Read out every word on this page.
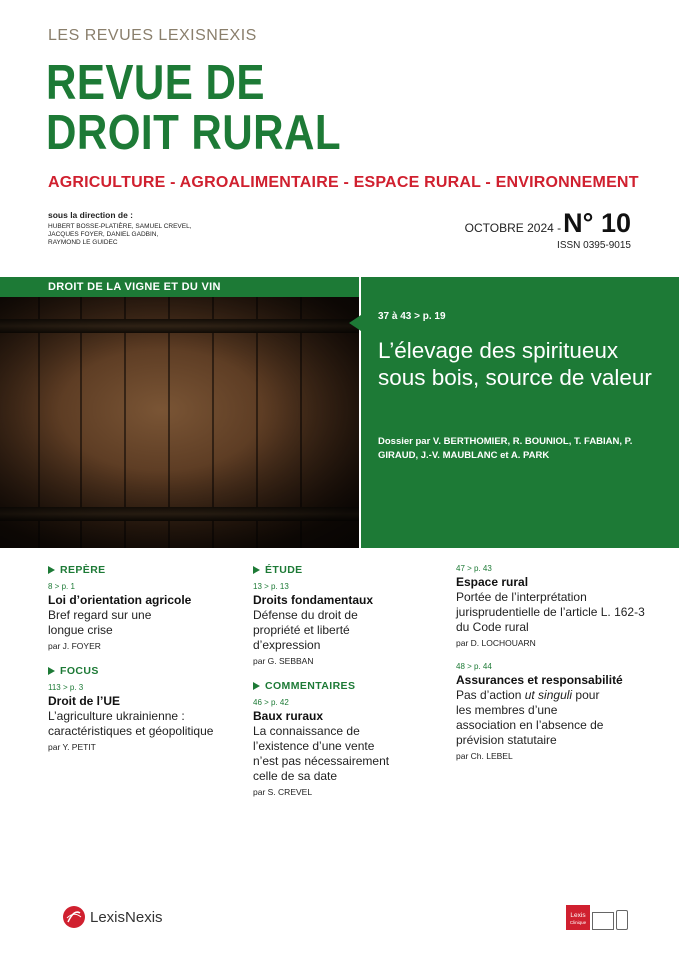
LES REVUES LEXISNEXIS
REVUE DE
DROIT RURAL
AGRICULTURE - AGROALIMENTAIRE - ESPACE RURAL - ENVIRONNEMENT
sous la direction de :
HUBERT BOSSE-PLATIÈRE, SAMUEL CREVEL,
JACQUES FOYER, DANIEL GADBIN,
RAYMOND LE GUIDEC
OCTOBRE 2024 - N° 10
ISSN 0395-9015
DROIT DE LA VIGNE ET DU VIN
37 à 43 > p. 19
L’élevage des spiritueux sous bois, source de valeur
Dossier par V. BERTHOMIER, R. BOUNIOL, T. FABIAN, P. GIRAUD, J.-V. MAUBLANC et A. PARK
REPÈRE
8 > p. 1
Loi d’orientation agricole
Bref regard sur une longue crise
par J. FOYER
FOCUS
113 > p. 3
Droit de l’UE
L’agriculture ukrainienne : caractéristiques et géopolitique
par Y. PETIT
ÉTUDE
13 > p. 13
Droits fondamentaux
Défense du droit de propriété et liberté d’expression
par G. SEBBAN
COMMENTAIRES
46 > p. 42
Baux ruraux
La connaissance de l’existence d’une vente n’est pas nécessairement celle de sa date
par S. CREVEL
47 > p. 43
Espace rural
Portée de l’interprétation jurisprudentielle de l’article L. 162-3 du Code rural
par D. LOCHOUARN
48 > p. 44
Assurances et responsabilité
Pas d’action ut singuli pour les membres d’une association en l’absence de prévision statutaire
par Ch. LEBEL
LexisNexis	Lexis
Clinique
